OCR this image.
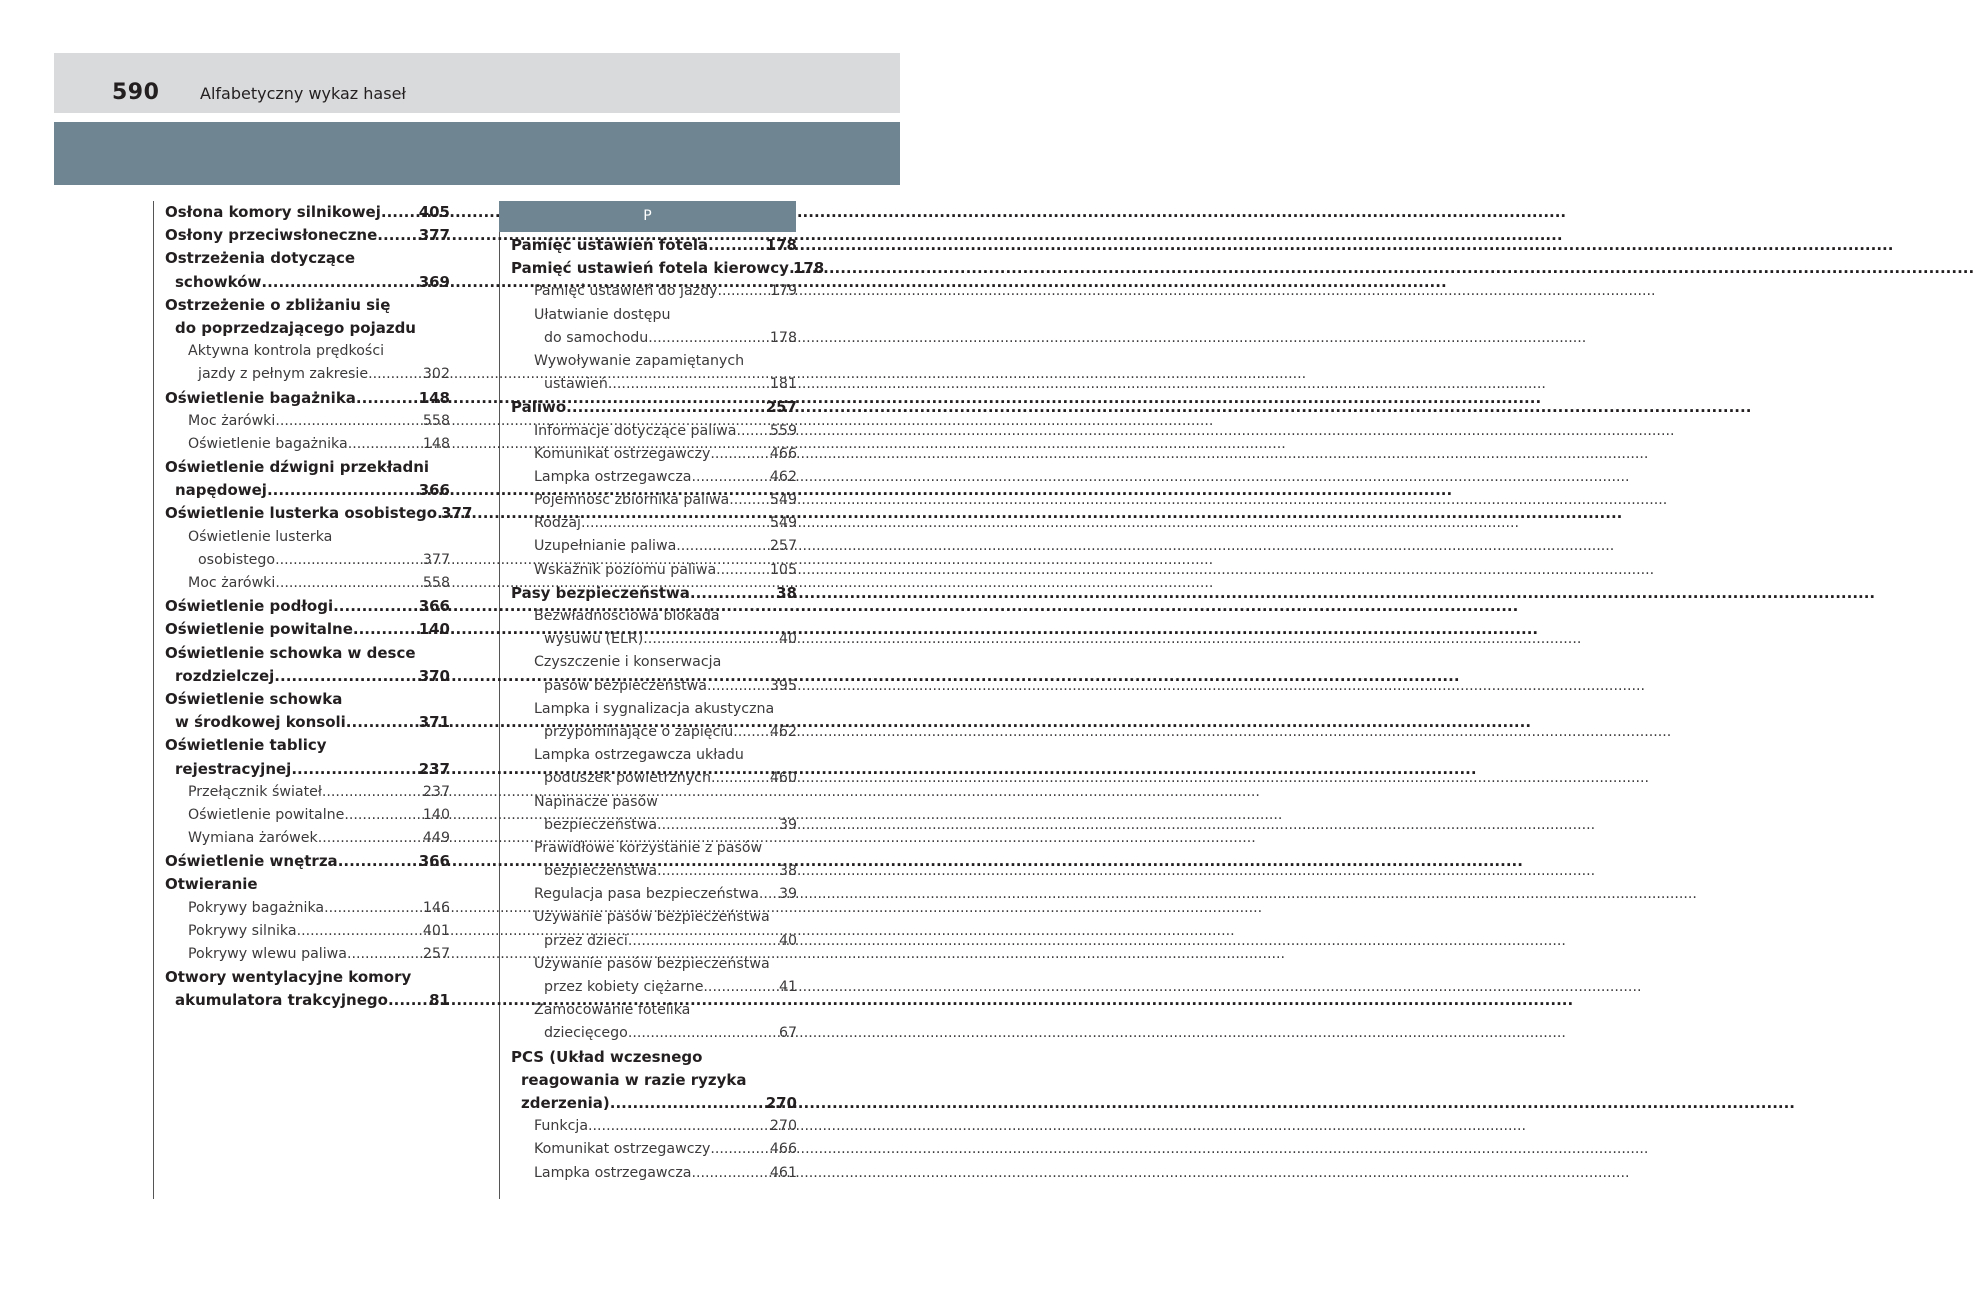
590	Alfabetyczny wykaz haseł
Osłona komory silnikowej .....	405
Osłony przeciwsłoneczne .....	377
Ostrzeżenia dotyczące
schowków .....	369
Ostrzeżenie o zbliżaniu się
do poprzedzającego pojazdu
Aktywna kontrola prędkości
jazdy z pełnym zakresie .....	302
Oświetlenie bagażnika .....	148
Moc żarówki .....	558
Oświetlenie bagażnika .....	148
Oświetlenie dźwigni przekładni
napędowej .....	366
Oświetlenie lusterka osobistego ..... 377
Oświetlenie lusterka
osobistego .....	377
Moc żarówki .....	558
Oświetlenie podłogi .....	366
Oświetlenie powitalne .....	140
Oświetlenie schowka w desce
rozdzielczej .....	370
Oświetlenie schowka
w środkowej konsoli .....	371
Oświetlenie tablicy
rejestracyjnej .....	237
Przełącznik świateł .....	237
Oświetlenie powitalne .....	140
Wymiana żarówek .....	449
Oświetlenie wnętrza .....	366
Otwieranie
Pokrywy bagażnika .....	146
Pokrywy silnika .....	401
Pokrywy wlewu paliwa .....	257
Otwory wentylacyjne komory
akumulatora trakcyjnego .....	81
P
Pamięć ustawień fotela .....	178
Pamięć ustawień fotela kierowcy ..... 178
Pamięć ustawień do jazdy .....	179
Ułatwianie dostępu
do samochodu .....	178
Wywoływanie zapamiętanych
ustawień .....	181
Paliwo .....	257
Informacje dotyczące paliwa ..... 559
Komunikat ostrzegawczy .....	466
Lampka ostrzegawcza .....	462
Pojemność zbiornika paliwa .....	549
Rodzaj .....	549
Uzupełnianie paliwa .....	257
Wskaźnik poziomu paliwa .....	105
Pasy bezpieczeństwa .....	38
Bezwładnościowa blokada
wysuwu (ELR) .....	40
Czyszczenie i konserwacja
pasów bezpieczeństwa .....	395
Lampka i sygnalizacja akustyczna
przypominające o zapięciu .....	462
Lampka ostrzegawcza układu
poduszek powietrznych .....	460
Napinacze pasów
bezpieczeństwa .....	39
Prawidłowe korzystanie z pasów
bezpieczeństwa .....	38
Regulacja pasa bezpieczeństwa ..... 39
Używanie pasów bezpieczeństwa
przez dzieci .....	40
Używanie pasów bezpieczeństwa
przez kobiety ciężarne .....	41
Zamocowanie fotelika
dziecięcego .....	67
PCS (Układ wczesnego
reagowania w razie ryzyka
zderzenia) .....	270
Funkcja .....	270
Komunikat ostrzegawczy .....	466
Lampka ostrzegawcza .....	461
